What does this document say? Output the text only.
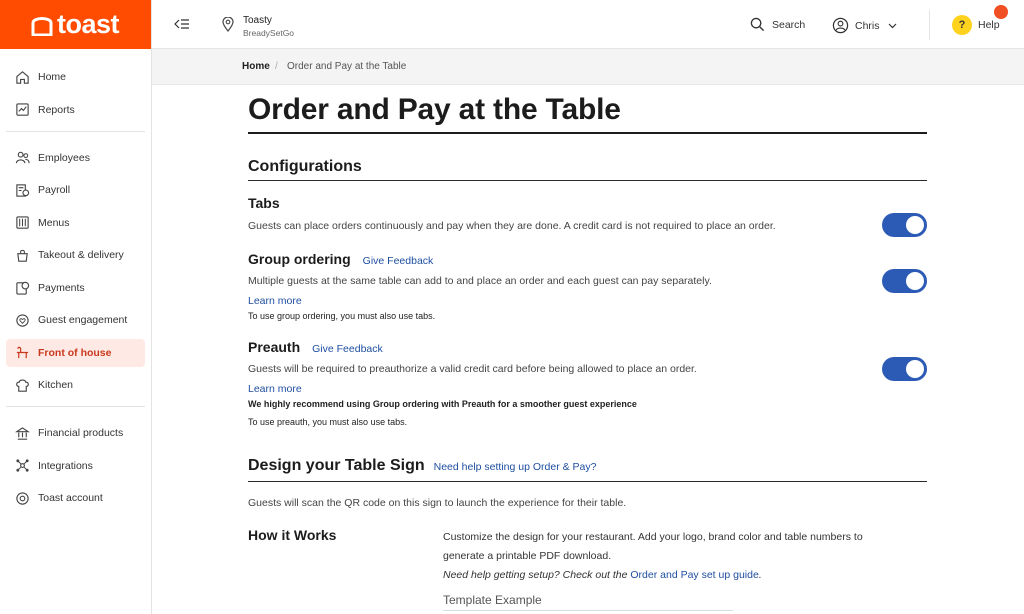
toast
Home
Reports
Employees
Payroll
Menus
Takeout & delivery
Payments
Guest engagement
Front of house
Kitchen
Financial products
Integrations
Toast account
Toasty
BreadySetGo
Search	Chris	?	Help
Home / Order and Pay at the Table
Order and Pay at the Table
Configurations
Tabs
Guests can place orders continuously and pay when they are done. A credit card is not required to place an order.
Group ordering Give Feedback
Multiple guests at the same table can add to and place an order and each guest can pay separately.
Learn more
To use group ordering, you must also use tabs.
Preauth Give Feedback
Guests will be required to preauthorize a valid credit card before being allowed to place an order.
Learn more
We highly recommend using Group ordering with Preauth for a smoother guest experience
To use preauth, you must also use tabs.
Design your Table Sign Need help setting up Order & Pay?
Guests will scan the QR code on this sign to launch the experience for their table.
How it Works	Customize the design for your restaurant. Add your logo, brand color and table numbers to generate a printable PDF download.
Need help getting setup? Check out the Order and Pay set up guide.
Template Example
